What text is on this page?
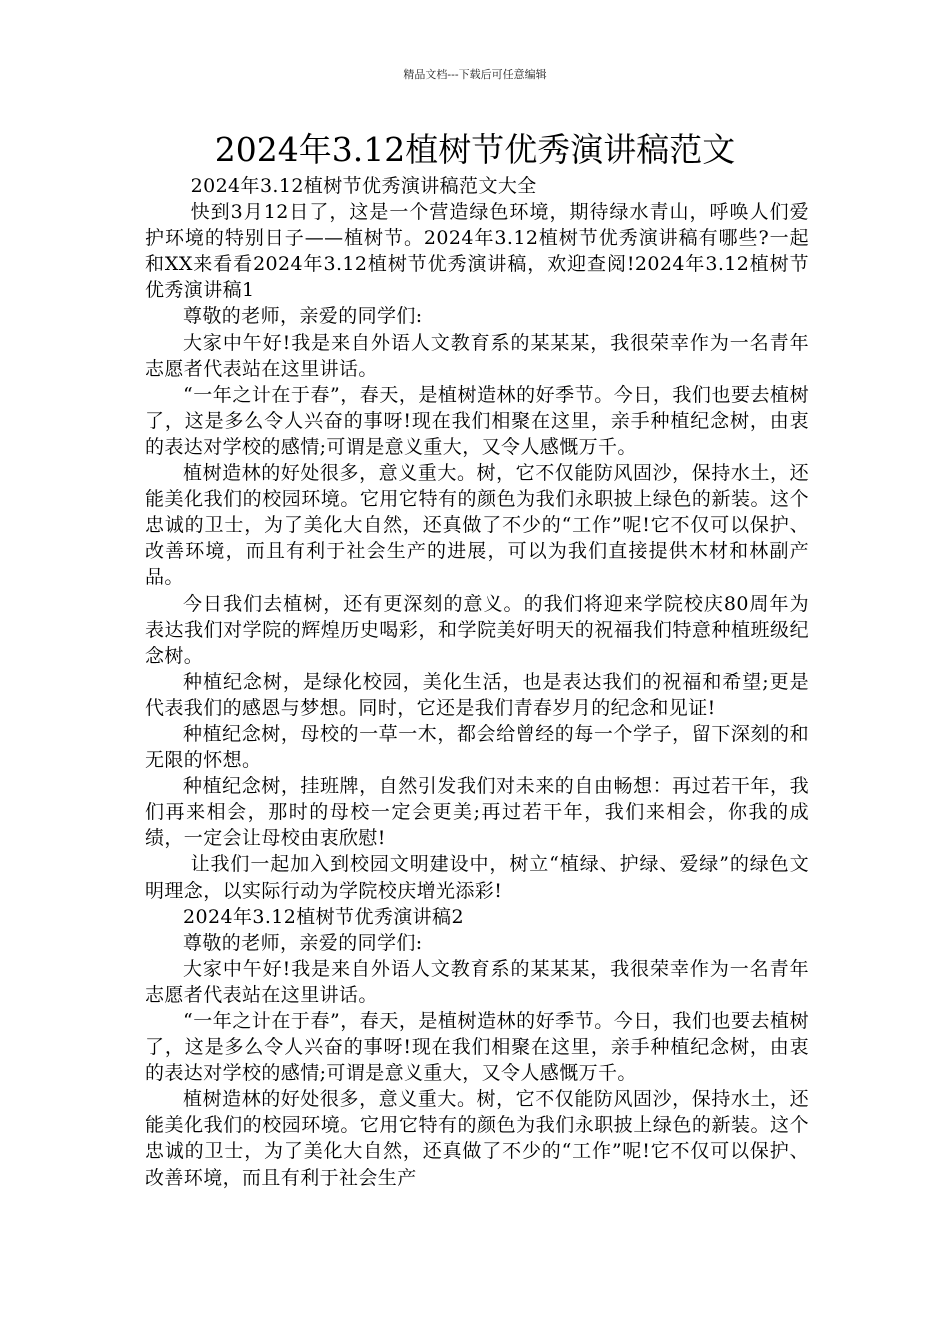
精品文档---下载后可任意编辑
2024年3.12植树节优秀演讲稿范文

2024年3.12植树节优秀演讲稿范文大全

快到3月12日了，这是一个营造绿色环境，期待绿水青山，呼唤人们爱护环境的特别日子——植树节。2024年3.12植树节优秀演讲稿有哪些?一起和XX来看看2024年3.12植树节优秀演讲稿，欢迎查阅!2024年3.12植树节优秀演讲稿1

尊敬的老师，亲爱的同学们:

大家中午好!我是来自外语人文教育系的某某某，我很荣幸作为一名青年志愿者代表站在这里讲话。

“一年之计在于春”，春天，是植树造林的好季节。今日，我们也要去植树了，这是多么令人兴奋的事呀!现在我们相聚在这里，亲手种植纪念树，由衷的表达对学校的感情;可谓是意义重大，又令人感慨万千。

植树造林的好处很多，意义重大。树，它不仅能防风固沙，保持水土，还能美化我们的校园环境。它用它特有的颜色为我们永职披上绿色的新装。这个忠诚的卫士，为了美化大自然，还真做了不少的“工作”呢!它不仅可以保护、改善环境，而且有利于社会生产的进展，可以为我们直接提供木材和林副产品。

今日我们去植树，还有更深刻的意义。的我们将迎来学院校庆80周年为表达我们对学院的辉煌历史喝彩，和学院美好明天的祝福我们特意种植班级纪念树。

种植纪念树，是绿化校园，美化生活，也是表达我们的祝福和希望;更是代表我们的感恩与梦想。同时，它还是我们青春岁月的纪念和见证!

种植纪念树，母校的一草一木，都会给曾经的每一个学子，留下深刻的和无限的怀想。

种植纪念树，挂班牌，自然引发我们对未来的自由畅想：再过若干年，我们再来相会，那时的母校一定会更美;再过若干年，我们来相会，你我的成绩，一定会让母校由衷欣慰!

让我们一起加入到校园文明建设中，树立“植绿、护绿、爱绿”的绿色文明理念，以实际行动为学院校庆增光添彩!

2024年3.12植树节优秀演讲稿2

尊敬的老师，亲爱的同学们:

大家中午好!我是来自外语人文教育系的某某某，我很荣幸作为一名青年志愿者代表站在这里讲话。

“一年之计在于春”，春天，是植树造林的好季节。今日，我们也要去植树了，这是多么令人兴奋的事呀!现在我们相聚在这里，亲手种植纪念树，由衷的表达对学校的感情;可谓是意义重大，又令人感慨万千。

植树造林的好处很多，意义重大。树，它不仅能防风固沙，保持水土，还能美化我们的校园环境。它用它特有的颜色为我们永职披上绿色的新装。这个忠诚的卫士，为了美化大自然，还真做了不少的“工作”呢!它不仅可以保护、改善环境，而且有利于社会生产
